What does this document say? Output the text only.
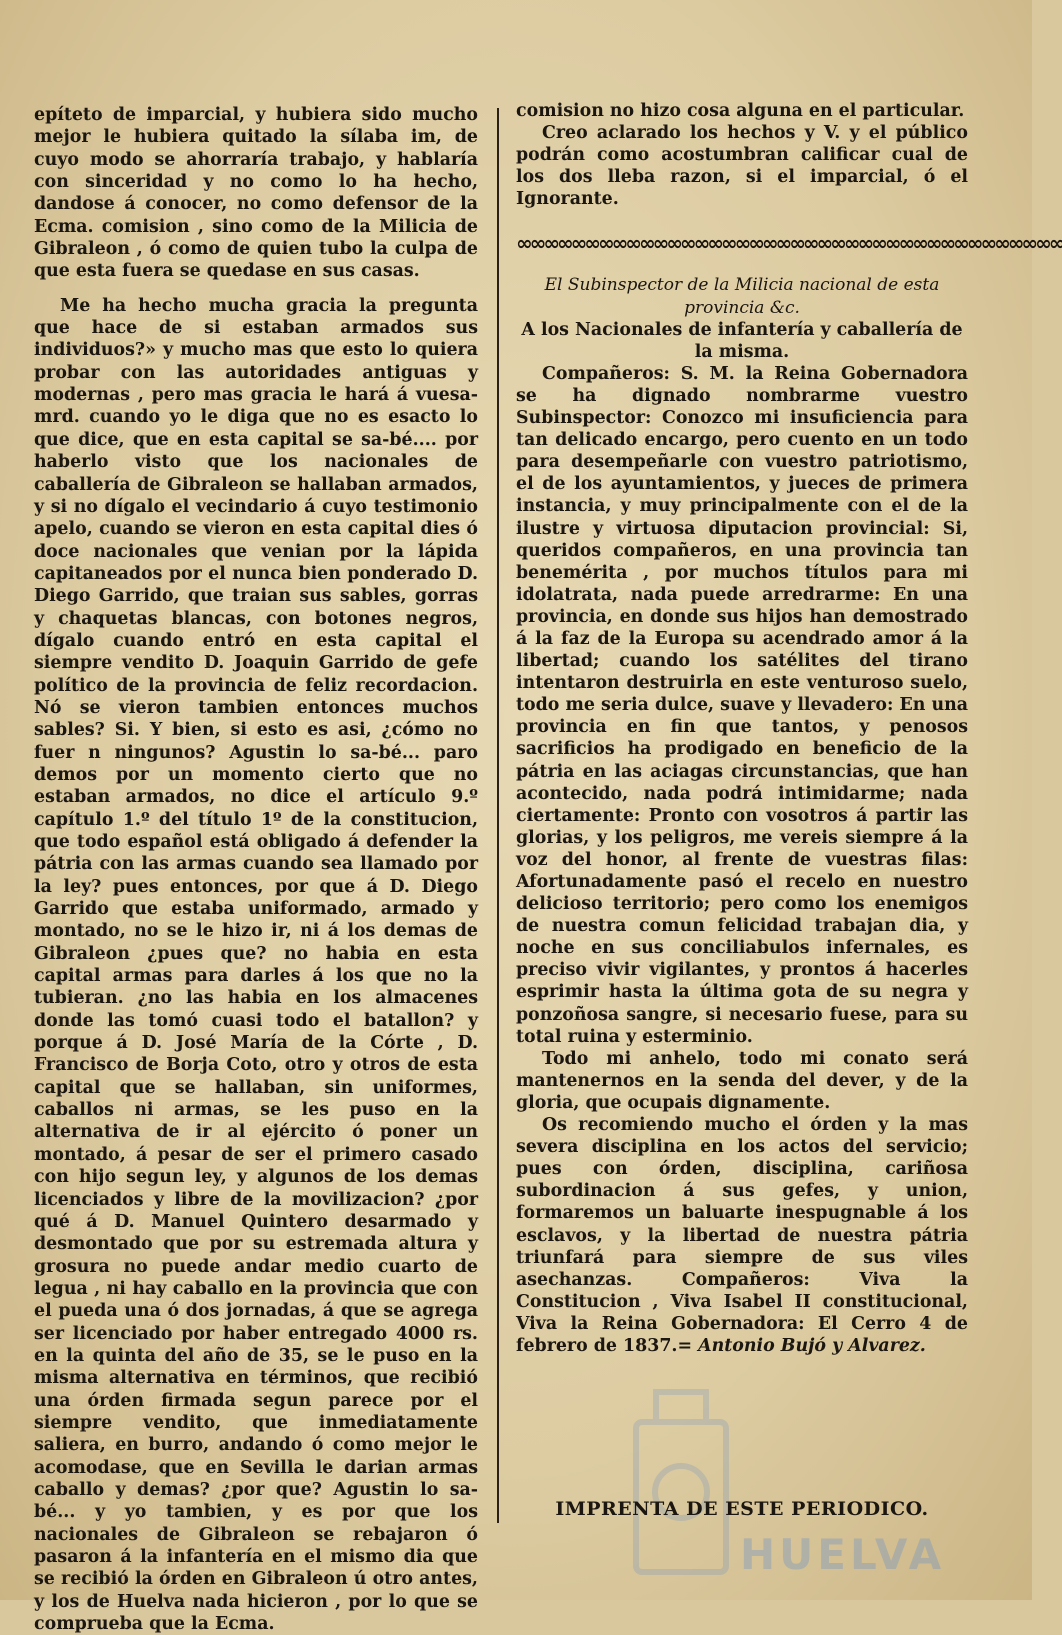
epíteto de imparcial, y hubiera sido mucho mejor le hubiera quitado la sílaba im, de cuyo modo se ahorraría trabajo, y hablaría con sinceridad y no como lo ha hecho, dandose á conocer, no como defensor de la Ecma. comision , sino como de la Milicia de Gibraleon , ó como de quien tubo la culpa de que esta fuera se quedase en sus casas.

Me ha hecho mucha gracia la pregunta que hace de si estaban armados sus individuos?» y mucho mas que esto lo quiera probar con las autoridades antiguas y modernas , pero mas gracia le hará á vuesa-mrd. cuando yo le diga que no es esacto lo que dice, que en esta capital se sa-bé.... por haberlo visto que los nacionales de caballería de Gibraleon se hallaban armados, y si no dígalo el vecindario á cuyo testimonio apelo, cuando se vieron en esta capital dies ó doce nacionales que venian por la lápida capitaneados por el nunca bien ponderado D. Diego Garrido, que traian sus sables, gorras y chaquetas blancas, con botones negros, dígalo cuando entró en esta capital el siempre vendito D. Joaquin Garrido de gefe político de la provincia de feliz recordacion. Nó se vieron tambien entonces muchos sables? Si. Y bien, si esto es asi, ¿cómo no fuer n ningunos? Agustin lo sa-bé... paro demos por un momento cierto que no estaban armados, no dice el artículo 9.º capítulo 1.º del título 1º de la constitucion, que todo español está obligado á defender la pátria con las armas cuando sea llamado por la ley? pues entonces, por que á D. Diego Garrido que estaba uniformado, armado y montado, no se le hizo ir, ni á los demas de Gibraleon ¿pues que? no habia en esta capital armas para darles á los que no la tubieran. ¿no las habia en los almacenes donde las tomó cuasi todo el batallon? y porque á D. José María de la Córte , D. Francisco de Borja Coto, otro y otros de esta capital que se hallaban, sin uniformes, caballos ni armas, se les puso en la alternativa de ir al ejército ó poner un montado, á pesar de ser el primero casado con hijo segun ley, y algunos de los demas licenciados y libre de la movilizacion? ¿por qué á D. Manuel Quintero desarmado y desmontado que por su estremada altura y grosura no puede andar medio cuarto de legua , ni hay caballo en la provincia que con el pueda una ó dos jornadas, á que se agrega ser licenciado por haber entregado 4000 rs. en la quinta del año de 35, se le puso en la misma alternativa en términos, que recibió una órden firmada segun parece por el siempre vendito, que inmediatamente saliera, en burro, andando ó como mejor le acomodase, que en Sevilla le darian armas caballo y demas? ¿por que? Agustin lo sa-bé... y yo tambien, y es por que los nacionales de Gibraleon se rebajaron ó pasaron á la infantería en el mismo dia que se recibió la órden en Gibraleon ú otro antes, y los de Huelva nada hicieron , por lo que se comprueba que la Ecma.

comision no hizo cosa alguna en el particular.

Creo aclarado los hechos y V. y el público podrán como acostumbran calificar cual de los dos lleba razon, si el imparcial, ó el Ignorante.

∞∞∞∞∞∞∞∞∞∞∞∞∞∞∞∞∞∞∞∞∞∞∞∞∞∞∞∞∞∞∞∞∞∞∞∞∞∞∞∞

El Subinspector de la Milicia nacional de esta provincia &c.

A los Nacionales de infantería y caballería de la misma.

Compañeros: S. M. la Reina Gobernadora se ha dignado nombrarme vuestro Subinspector: Conozco mi insuficiencia para tan delicado encargo, pero cuento en un todo para desempeñarle con vuestro patriotismo, el de los ayuntamientos, y jueces de primera instancia, y muy principalmente con el de la ilustre y virtuosa diputacion provincial: Si, queridos compañeros, en una provincia tan benemérita , por muchos títulos para mi idolatrata, nada puede arredrarme: En una provincia, en donde sus hijos han demostrado á la faz de la Europa su acendrado amor á la libertad; cuando los satélites del tirano intentaron destruirla en este venturoso suelo, todo me seria dulce, suave y llevadero: En una provincia en fin que tantos, y penosos sacrificios ha prodigado en beneficio de la pátria en las aciagas circunstancias, que han acontecido, nada podrá intimidarme; nada ciertamente: Pronto con vosotros á partir las glorias, y los peligros, me vereis siempre á la voz del honor, al frente de vuestras filas: Afortunadamente pasó el recelo en nuestro delicioso territorio; pero como los enemigos de nuestra comun felicidad trabajan dia, y noche en sus conciliabulos infernales, es preciso vivir vigilantes, y prontos á hacerles esprimir hasta la última gota de su negra y ponzoñosa sangre, si necesario fuese, para su total ruina y esterminio.

Todo mi anhelo, todo mi conato será mantenernos en la senda del dever, y de la gloria, que ocupais dignamente.

Os recomiendo mucho el órden y la mas severa disciplina en los actos del servicio; pues con órden, disciplina, cariñosa subordinacion á sus gefes, y union, formaremos un baluarte inespugnable á los esclavos, y la libertad de nuestra pátria triunfará para siempre de sus viles asechanzas. Compañeros: Viva la Constitucion , Viva Isabel II constitucional, Viva la Reina Gobernadora: El Cerro 4 de febrero de 1837.= Antonio Bujó y Alvarez.

HUELVA
IMPRENTA DE ESTE PERIODICO.
